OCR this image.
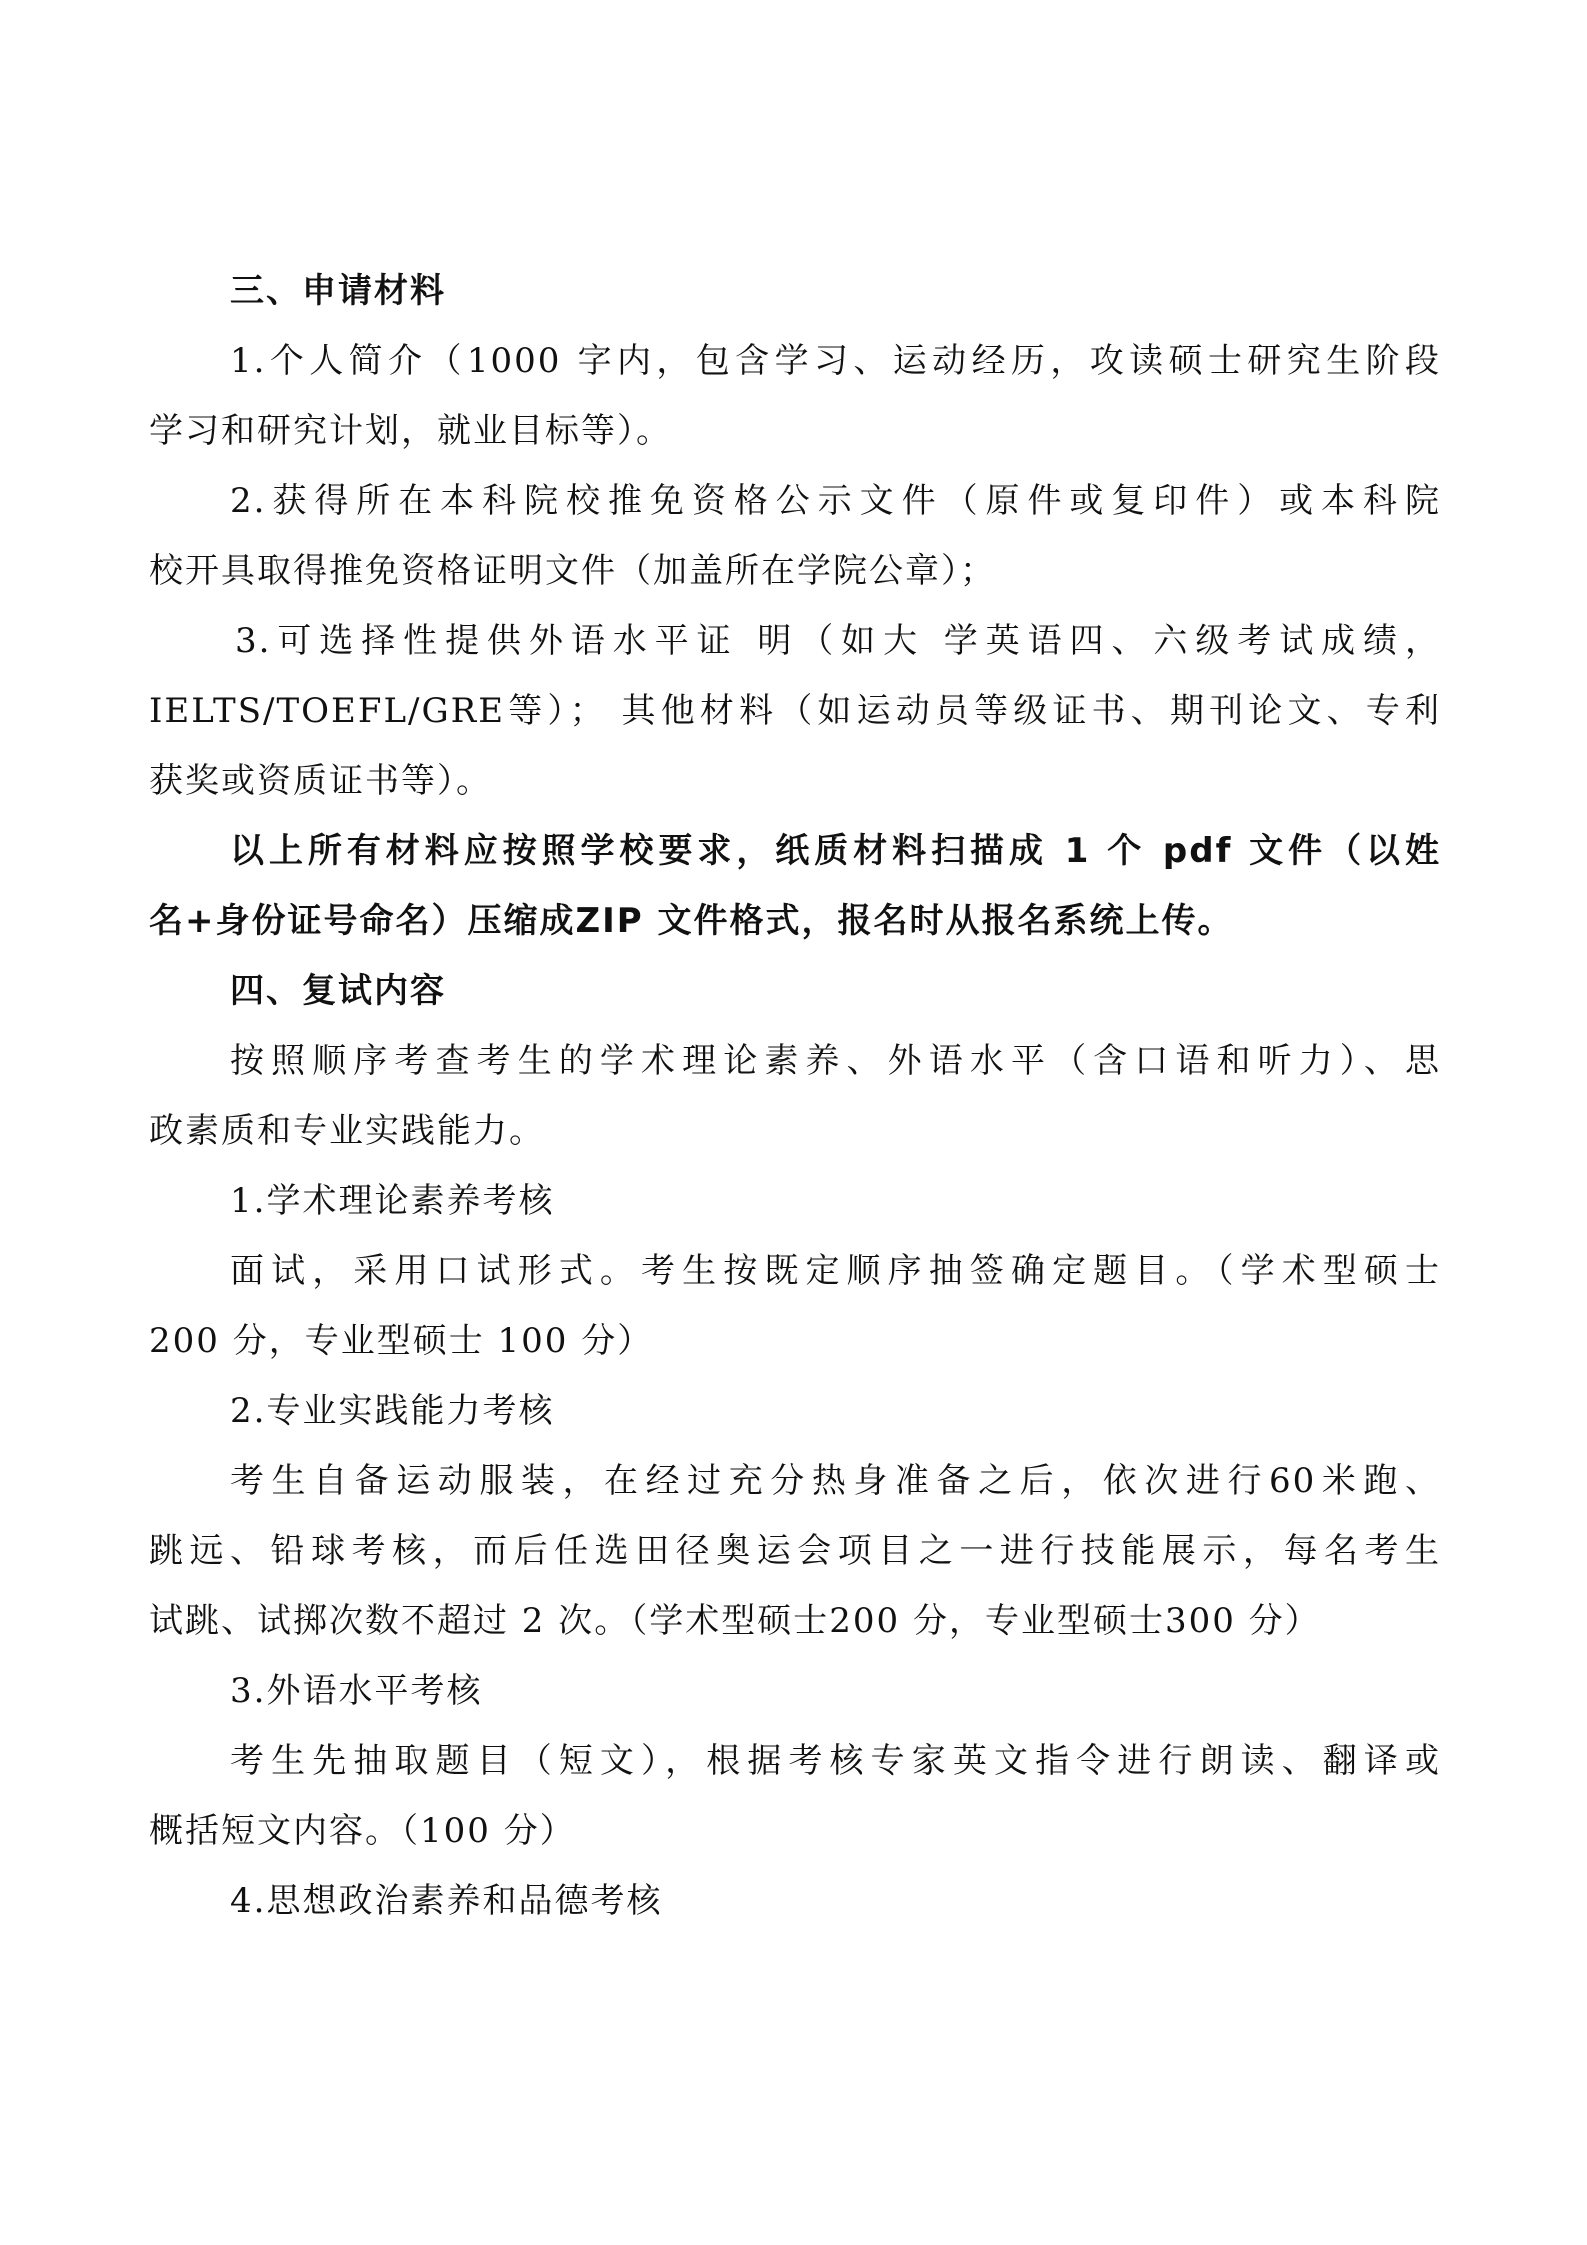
三、申请材料
1.个人简介（1000 字内，包含学习、运动经历，攻读硕士研究生阶段
学习和研究计划，就业目标等）。
2.获得所在本科院校推免资格公示文件（原件或复印件）或本科院
校开具取得推免资格证明文件（加盖所在学院公章）；
3.可选择性提供外语水平证 明（如大 学英语四、六级考试成绩，
IELTS/TOEFL/GRE等）； 其他材料（如运动员等级证书、期刊论文、专利
获奖或资质证书等）。
以上所有材料应按照学校要求，纸质材料扫描成 1 个 pdf 文件（以姓
名+身份证号命名）压缩成ZIP 文件格式，报名时从报名系统上传。
四、复试内容
按照顺序考查考生的学术理论素养、外语水平（含口语和听力）、思
政素质和专业实践能力。
1.学术理论素养考核
面试，采用口试形式。考生按既定顺序抽签确定题目。（学术型硕士
200 分，专业型硕士 100 分）
2.专业实践能力考核
考生自备运动服装，在经过充分热身准备之后，依次进行60米跑、
跳远、铅球考核，而后任选田径奥运会项目之一进行技能展示，每名考生
试跳、试掷次数不超过 2 次。（学术型硕士200 分，专业型硕士300 分）
3.外语水平考核
考生先抽取题目（短文），根据考核专家英文指令进行朗读、翻译或
概括短文内容。（100 分）
4.思想政治素养和品德考核
